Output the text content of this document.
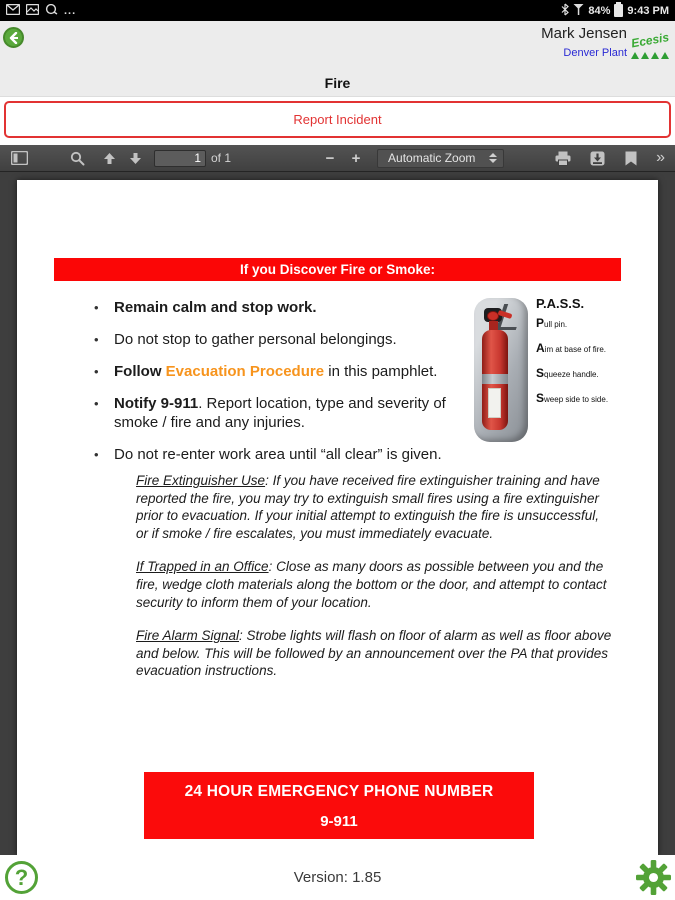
...	84% 9:43 PM
Mark Jensen
Denver Plant
Ecesis
Fire
Report Incident
1
of 1	−	+	Automatic Zoom	»
If you Discover Fire or Smoke:
• Remain calm and stop work.
• Do not stop to gather personal belongings.
• Follow Evacuation Procedure in this pamphlet.
• Notify 9-911. Report location, type and severity of smoke / fire and any injuries.
• Do not re-enter work area until “all clear” is given.
P.A.S.S.
Pull pin.
Aim at base of fire.
Squeeze handle.
Sweep side to side.
Fire Extinguisher Use: If you have received fire extinguisher training and have reported the fire, you may try to extinguish small fires using a fire extinguisher prior to evacuation. If your initial attempt to extinguish the fire is unsuccessful, or if smoke / fire escalates, you must immediately evacuate.
If Trapped in an Office: Close as many doors as possible between you and the fire, wedge cloth materials along the bottom or the door, and attempt to contact security to inform them of your location.
Fire Alarm Signal: Strobe lights will flash on floor of alarm as well as floor above and below. This will be followed by an announcement over the PA that provides evacuation instructions.
24 HOUR EMERGENCY PHONE NUMBER
9-911
?	Version: 1.85
